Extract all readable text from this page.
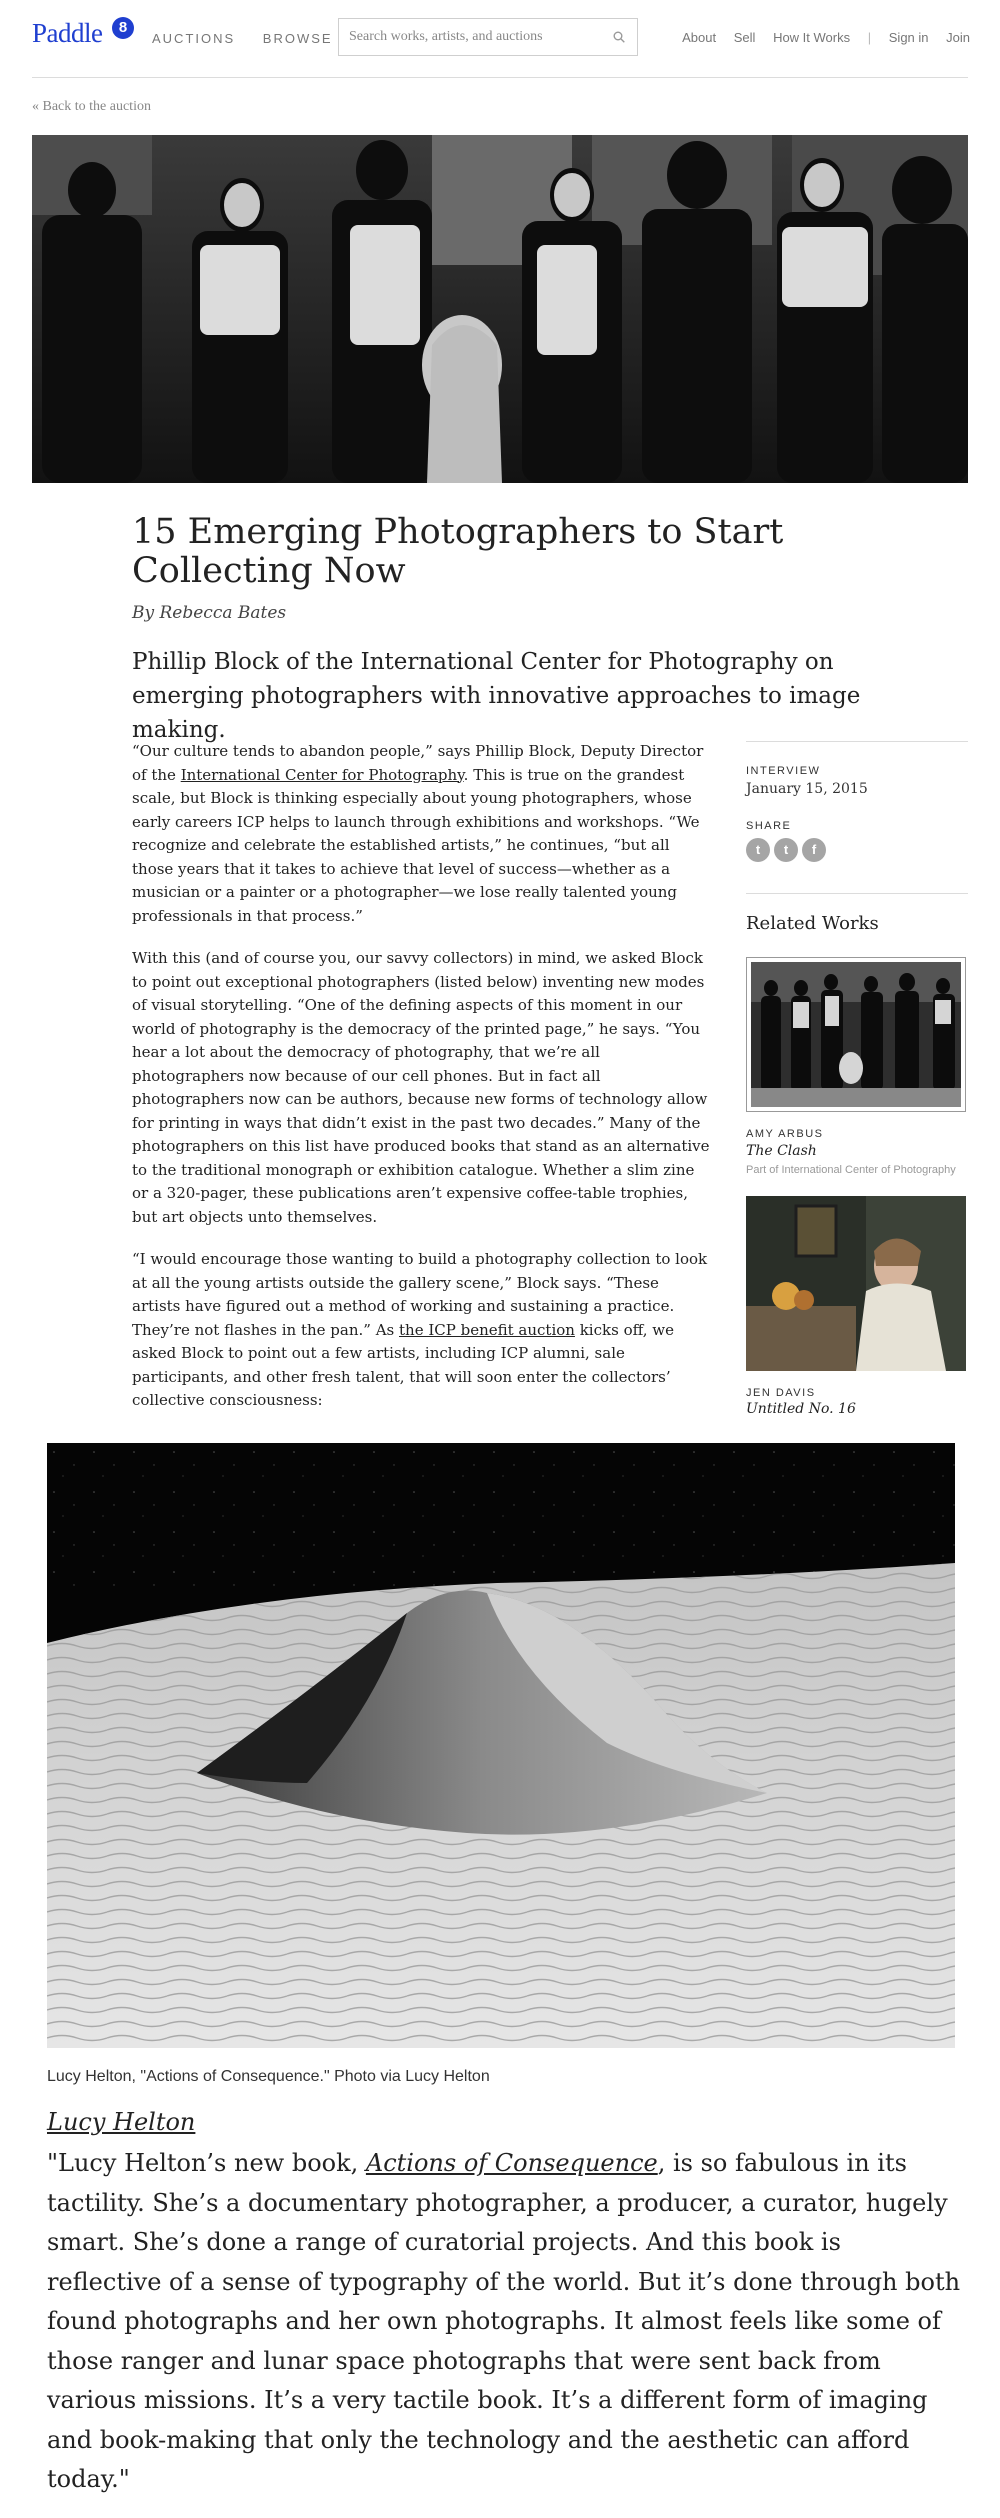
Paddle	8
AUCTIONS BROWSE
Search works, artists, and auctions	About Sell How It Works | Sign in Join
« Back to the auction
15 Emerging Photographers to Start Collecting Now
By Rebecca Bates
Phillip Block of the International Center for Photography on emerging photographers with innovative approaches to image making.

“Our culture tends to abandon people,” says Phillip Block, Deputy Director of the International Center for Photography. This is true on the grandest scale, but Block is thinking especially about young photographers, whose early careers ICP helps to launch through exhibitions and workshops. “We recognize and celebrate the established artists,” he continues, “but all those years that it takes to achieve that level of success—whether as a musician or a painter or a photographer—we lose really talented young professionals in that process.”

With this (and of course you, our savvy collectors) in mind, we asked Block to point out exceptional photographers (listed below) inventing new modes of visual storytelling. “One of the defining aspects of this moment in our world of photography is the democracy of the printed page,” he says. “You hear a lot about the democracy of photography, that we’re all photographers now because of our cell phones. But in fact all photographers now can be authors, because new forms of technology allow for printing in ways that didn’t exist in the past two decades.” Many of the photographers on this list have produced books that stand as an alternative to the traditional monograph or exhibition catalogue. Whether a slim zine or a 320-pager, these publications aren’t expensive coffee-table trophies, but art objects unto themselves.

“I would encourage those wanting to build a photography collection to look at all the young artists outside the gallery scene,” Block says. “These artists have figured out a method of working and sustaining a practice. They’re not flashes in the pan.” As the ICP benefit auction kicks off, we asked Block to point out a few artists, including ICP alumni, sale participants, and other fresh talent, that will soon enter the collectors’ collective consciousness:

INTERVIEW
January 15, 2015
SHARE
t	t	f
Related Works
AMY ARBUS
The Clash
Part of International Center of Photography
JEN DAVIS
Untitled No. 16
Lucy Helton, "Actions of Consequence." Photo via Lucy Helton
Lucy Helton

"Lucy Helton’s new book, Actions of Consequence, is so fabulous in its tactility. She’s a documentary photographer, a producer, a curator, hugely smart. She’s done a range of curatorial projects. And this book is reflective of a sense of typography of the world. But it’s done through both found photographs and her own photographs. It almost feels like some of those ranger and lunar space photographs that were sent back from various missions. It’s a very tactile book. It’s a different form of imaging and book-making that only the technology and the aesthetic can afford today."
